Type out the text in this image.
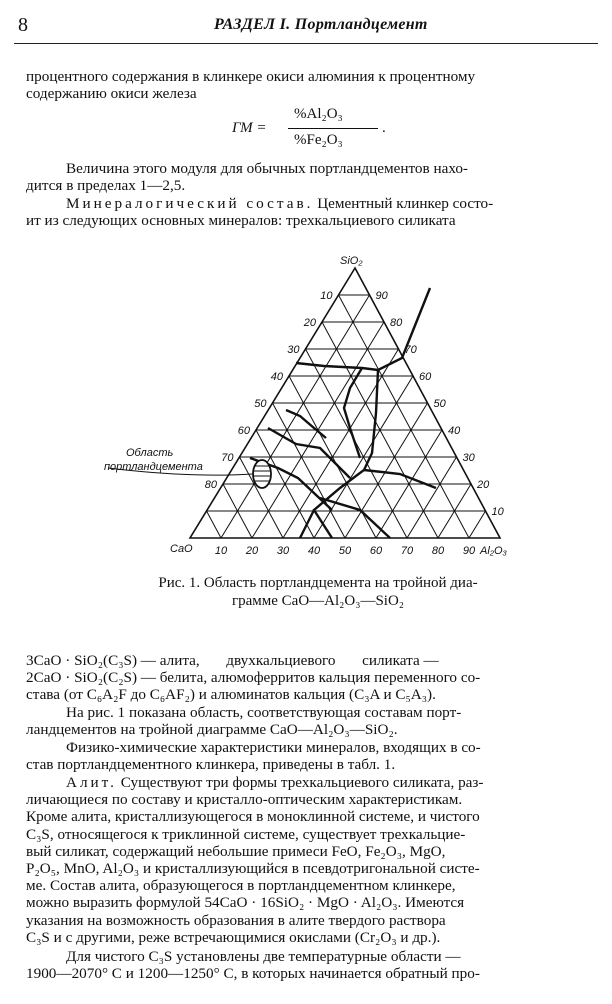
8	РАЗДЕЛ I. Портландцемент
процентного содержания в клинкере окиси алюминия к процентному
содержанию окиси железа
ГМ =
%Al₂O₃
%Fe₂O₃
.
Величина этого модуля для обычных портландцементов нахо-
дится в пределах 1—2,5.
Минералогический состав. Цементный клинкер состо-
ит из следующих основных минералов: трехкальциевого силиката
Область
портландцемента
SiO₂
CaO	Al₂O₃
10
20
30
40
50
60
70
80
90
80
70
60
50
40
30
20
10
10 20 30 40 50 60 70 80 90
Рис. 1. Область портландцемента на тройной диа-
грамме CaO—Al₂O₃—SiO₂
3CaO · SiO₂(C₃S) — алита,       двухкальциевого       силиката —
2CaO · SiO₂(C₂S) — белита, алюмоферритов кальция переменного со-
става (от C₆A₂F до C₆AF₂) и алюминатов кальция (C₃A и C₅A₃).
На рис. 1 показана область, соответствующая составам порт-
ландцементов на тройной диаграмме CaO—Al₂O₃—SiO₂.
Физико-химические характеристики минералов, входящих в со-
став портландцементного клинкера, приведены в табл. 1.
Алит. Существуют три формы трехкальциевого силиката, раз-
личающиеся по составу и кристалло-оптическим характеристикам.
Кроме алита, кристаллизующегося в моноклинной системе, и чистого
C₃S, относящегося к триклинной системе, существует трехкальцие-
вый силикат, содержащий небольшие примеси FeO, Fe₂O₃, MgO,
P₂O₅, MnO, Al₂O₃ и кристаллизующийся в псевдотригональной систе-
ме. Состав алита, образующегося в портландцементном клинкере,
можно выразить формулой 54CaO · 16SiO₂ · MgO · Al₂O₃. Имеются
указания на возможность образования в алите твердого раствора
C₃S и с другими, реже встречающимися окислами (Cr₂O₃ и др.).
Для чистого C₃S установлены две температурные области —
1900—2070° С и 1200—1250° С, в которых начинается обратный про-
